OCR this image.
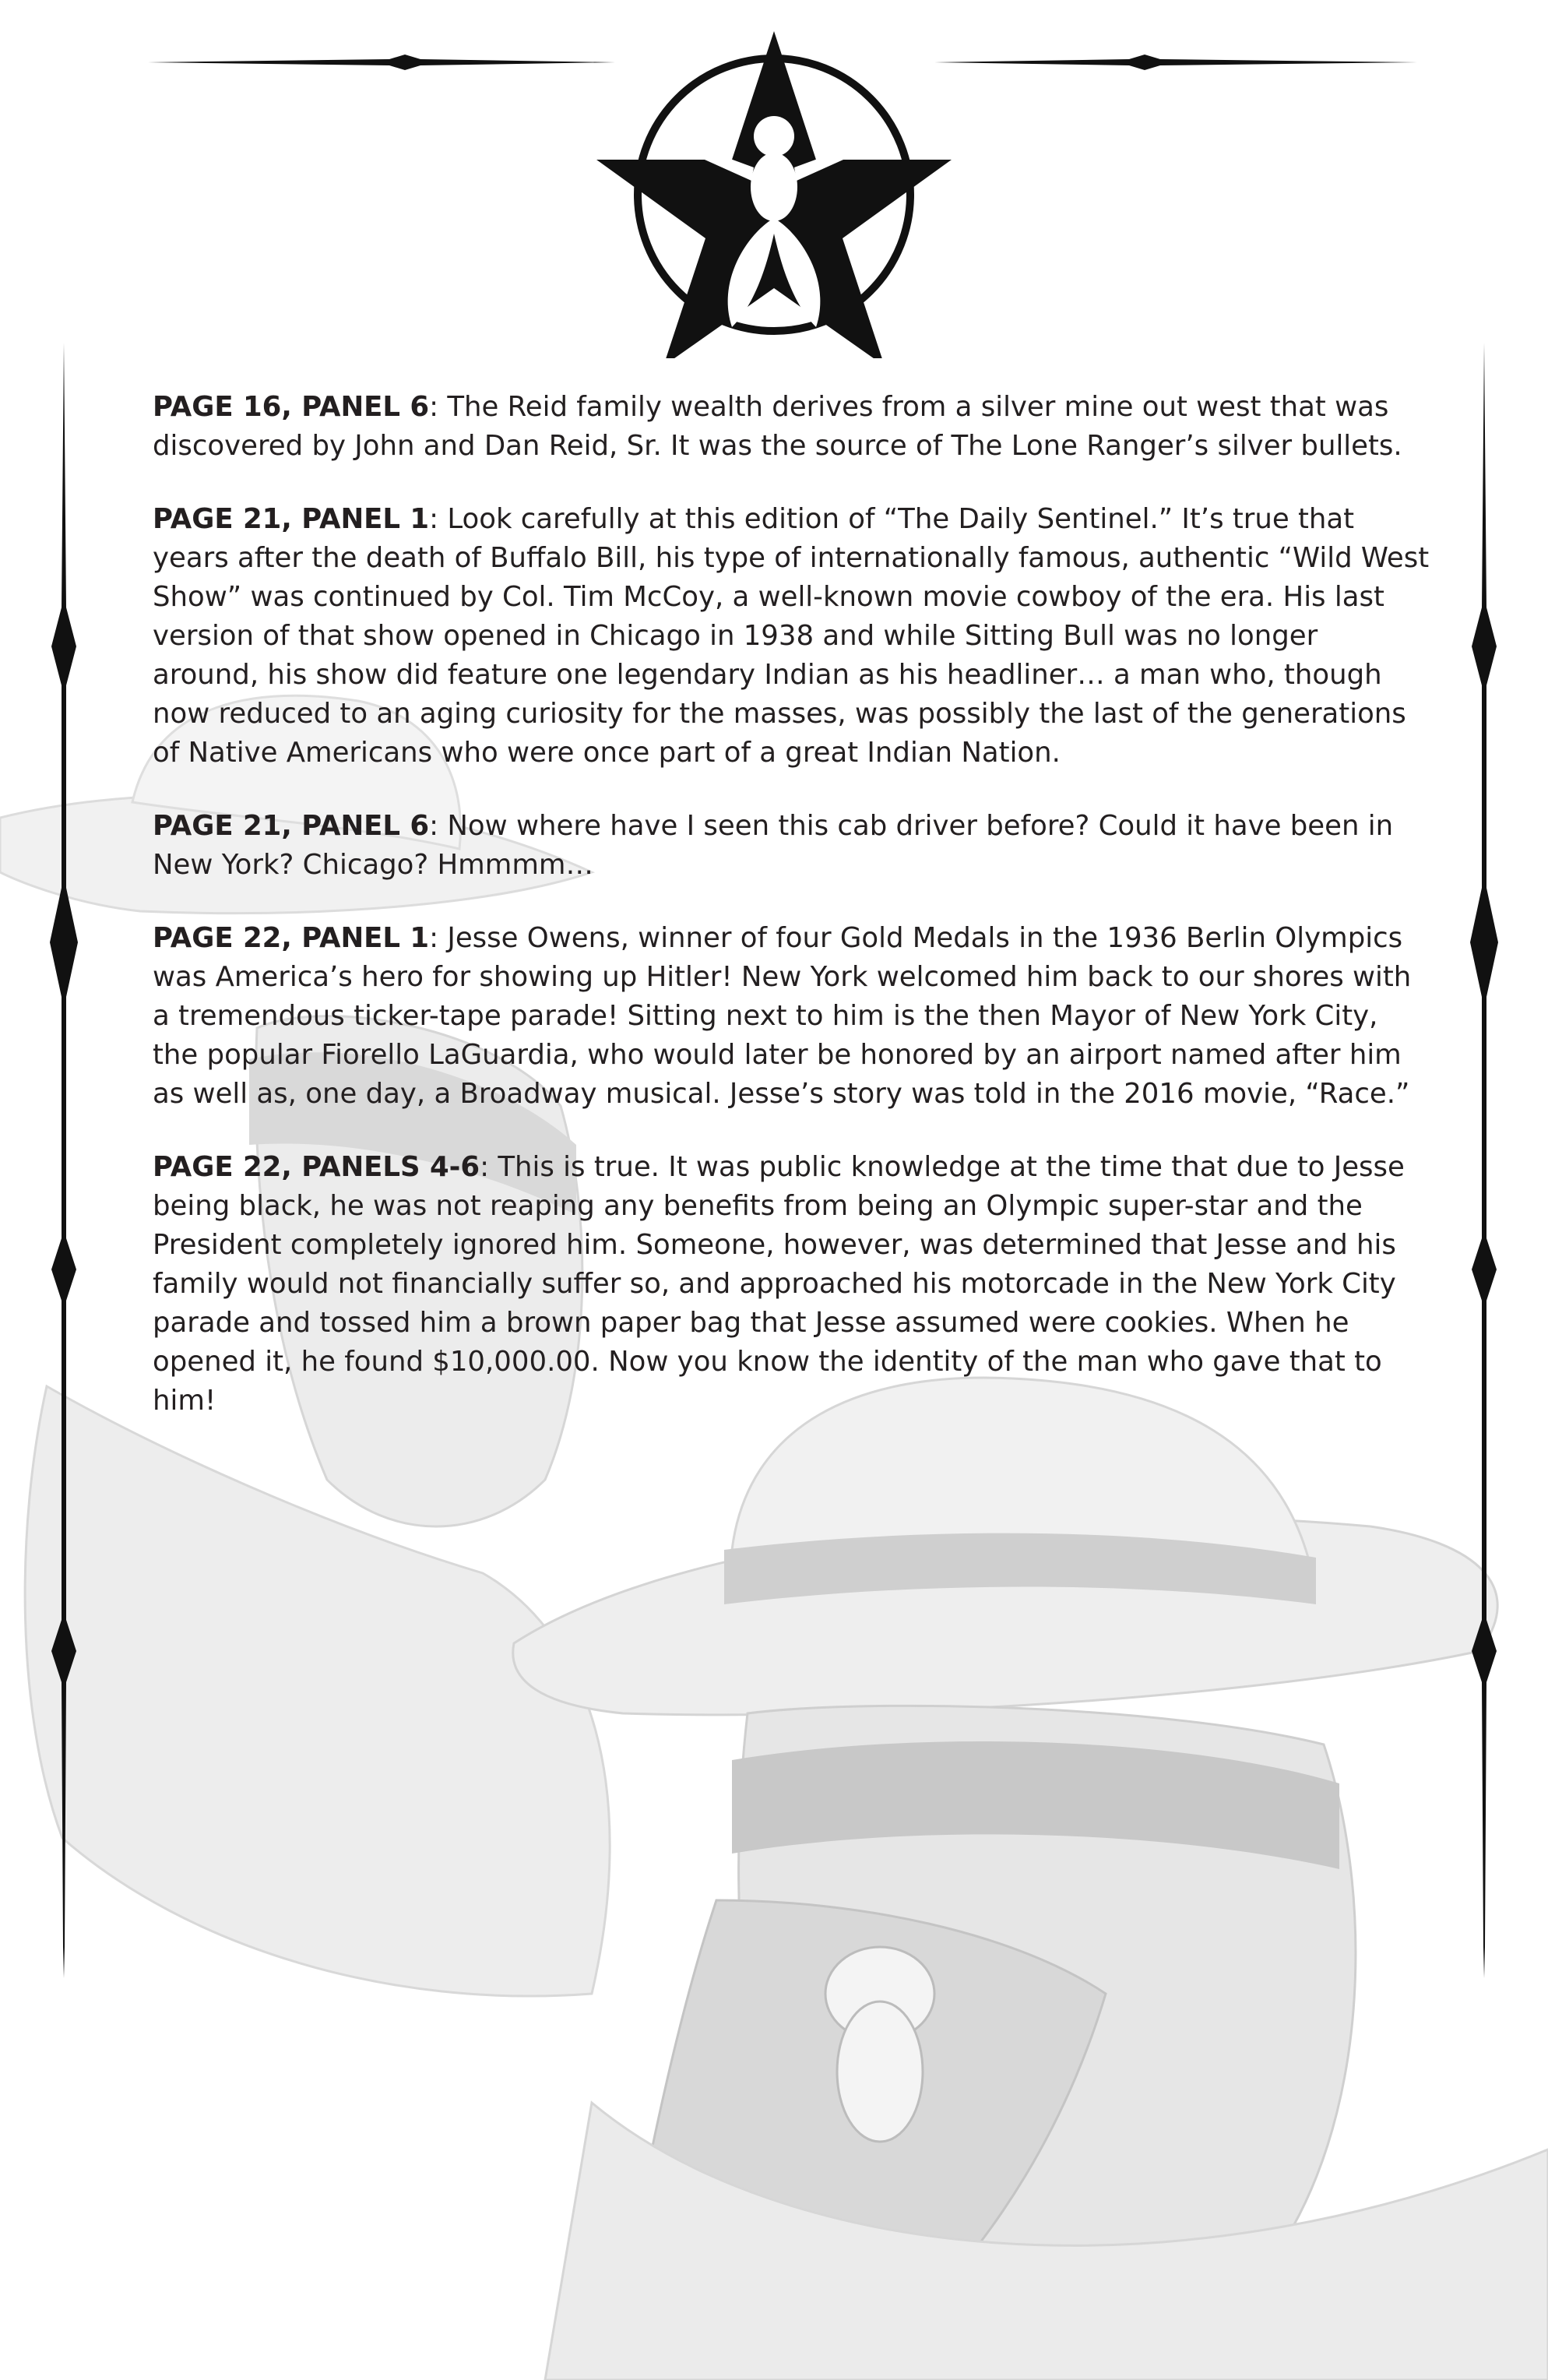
PAGE 16, PANEL 6: The Reid family wealth derives from a silver mine out west that was discovered by John and Dan Reid, Sr. It was the source of The Lone Ranger’s silver bullets.

PAGE 21, PANEL 1: Look carefully at this edition of “The Daily Sentinel.” It’s true that years after the death of Buffalo Bill, his type of internationally famous, authentic “Wild West Show” was continued by Col. Tim McCoy, a well-known movie cowboy of the era. His last version of that show opened in Chicago in 1938 and while Sitting Bull was no longer around, his show did feature one legendary Indian as his headliner… a man who, though now reduced to an aging curiosity for the masses, was possibly the last of the generations of Native Americans who were once part of a great Indian Nation.

PAGE 21, PANEL 6: Now where have I seen this cab driver before? Could it have been in New York? Chicago? Hmmmm…

PAGE 22, PANEL 1: Jesse Owens, winner of four Gold Medals in the 1936 Berlin Olympics was America’s hero for showing up Hitler! New York welcomed him back to our shores with a tremendous ticker-tape parade! Sitting next to him is the then Mayor of New York City, the popular Fiorello LaGuardia, who would later be honored by an airport named after him as well as, one day, a Broadway musical. Jesse’s story was told in the 2016 movie, “Race.”

PAGE 22, PANELS 4-6: This is true. It was public knowledge at the time that due to Jesse being black, he was not reaping any benefits from being an Olympic super-star and the President completely ignored him. Someone, however, was determined that Jesse and his family would not financially suffer so, and approached his motorcade in the New York City parade and tossed him a brown paper bag that Jesse assumed were cookies. When he opened it, he found $10,000.00. Now you know the identity of the man who gave that to him!
